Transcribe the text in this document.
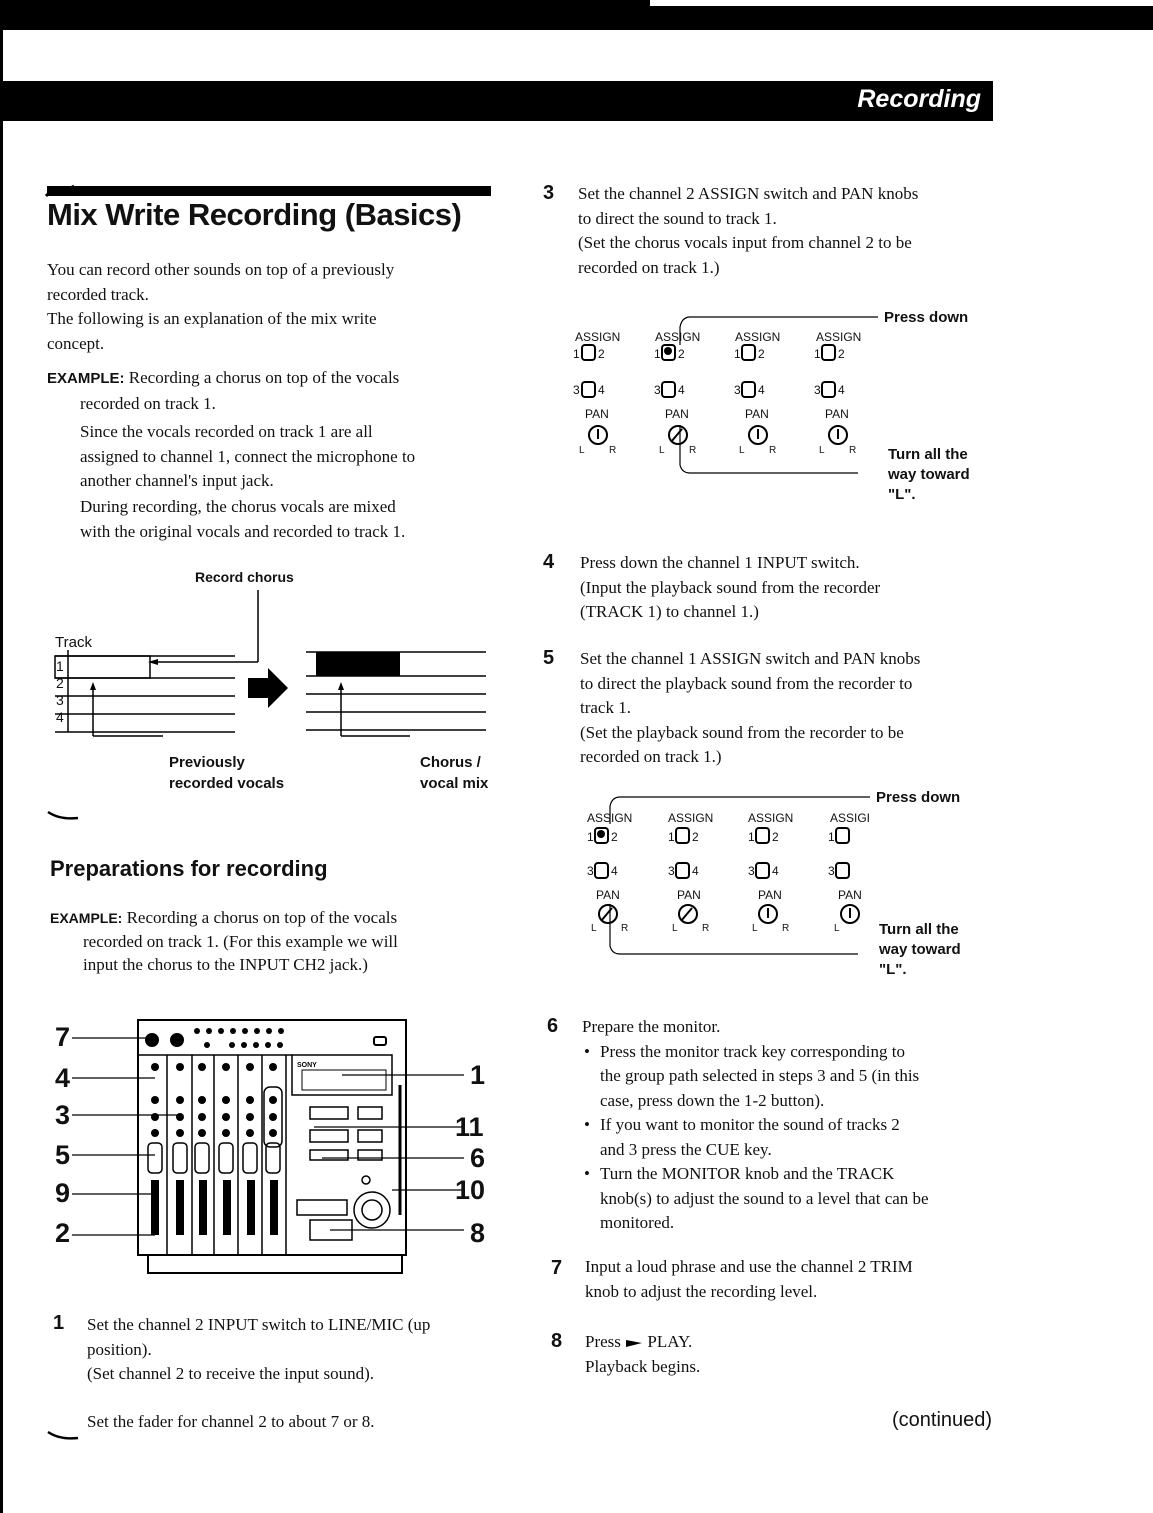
Recording
Mix Write Recording (Basics)
You can record other sounds on top of a previously
recorded track.
The following is an explanation of the mix write
concept.
EXAMPLE: Recording a chorus on top of the vocals
recorded on track 1.
Since the vocals recorded on track 1 are all
assigned to channel 1, connect the microphone to
another channel's input jack.
During recording, the chorus vocals are mixed
with the original vocals and recorded to track 1.
Record chorus
Track
1
2
3
4
Previously
recorded vocals
Chorus /
vocal mix
Preparations for recording
EXAMPLE: Recording a chorus on top of the vocals
recorded on track 1. (For this example we will
input the chorus to the INPUT CH2 jack.)
SONY
7
4
3
5
9
2
1
11
6
10
8
1 Set the channel 2 INPUT switch to LINE/MIC (up
position).
(Set channel 2 to receive the input sound).
Set the fader for channel 2 to about 7 or 8.
3 Set the channel 2 ASSIGN switch and PAN knobs
to direct the sound to track 1.
(Set the chorus vocals input from channel 2 to be
recorded on track 1.)
ASSIGN	ASSIGN	ASSIGN	ASSIGN
1 2	1 2	1 2	1 2
3 4	3 4	3 4	3 4
PAN	PAN	PAN	PAN
L R	L R	L R	L R
Press down
Turn all the
way toward
"L".
4 Press down the channel 1 INPUT switch.
(Input the playback sound from the recorder
(TRACK 1) to channel 1.)
5 Set the channel 1 ASSIGN switch and PAN knobs
to direct the playback sound from the recorder to
track 1.
(Set the playback sound from the recorder to be
recorded on track 1.)
ASSIGN	ASSIGN	ASSIGN	ASSIGI
1 2	1 2	1 2	1
3 4	3 4	3 4	3
PAN	PAN	PAN	PAN
L R	L R	L R	L
Press down
Turn all the
way toward
"L".
6 Prepare the monitor.
• Press the monitor track key corresponding to
the group path selected in steps 3 and 5 (in this
case, press down the 1-2 button).
• If you want to monitor the sound of tracks 2
and 3 press the CUE key.
• Turn the MONITOR knob and the TRACK
knob(s) to adjust the sound to a level that can be
monitored.
7 Input a loud phrase and use the channel 2 TRIM
knob to adjust the recording level.
8 Press PLAY.
Playback begins.
(continued)
